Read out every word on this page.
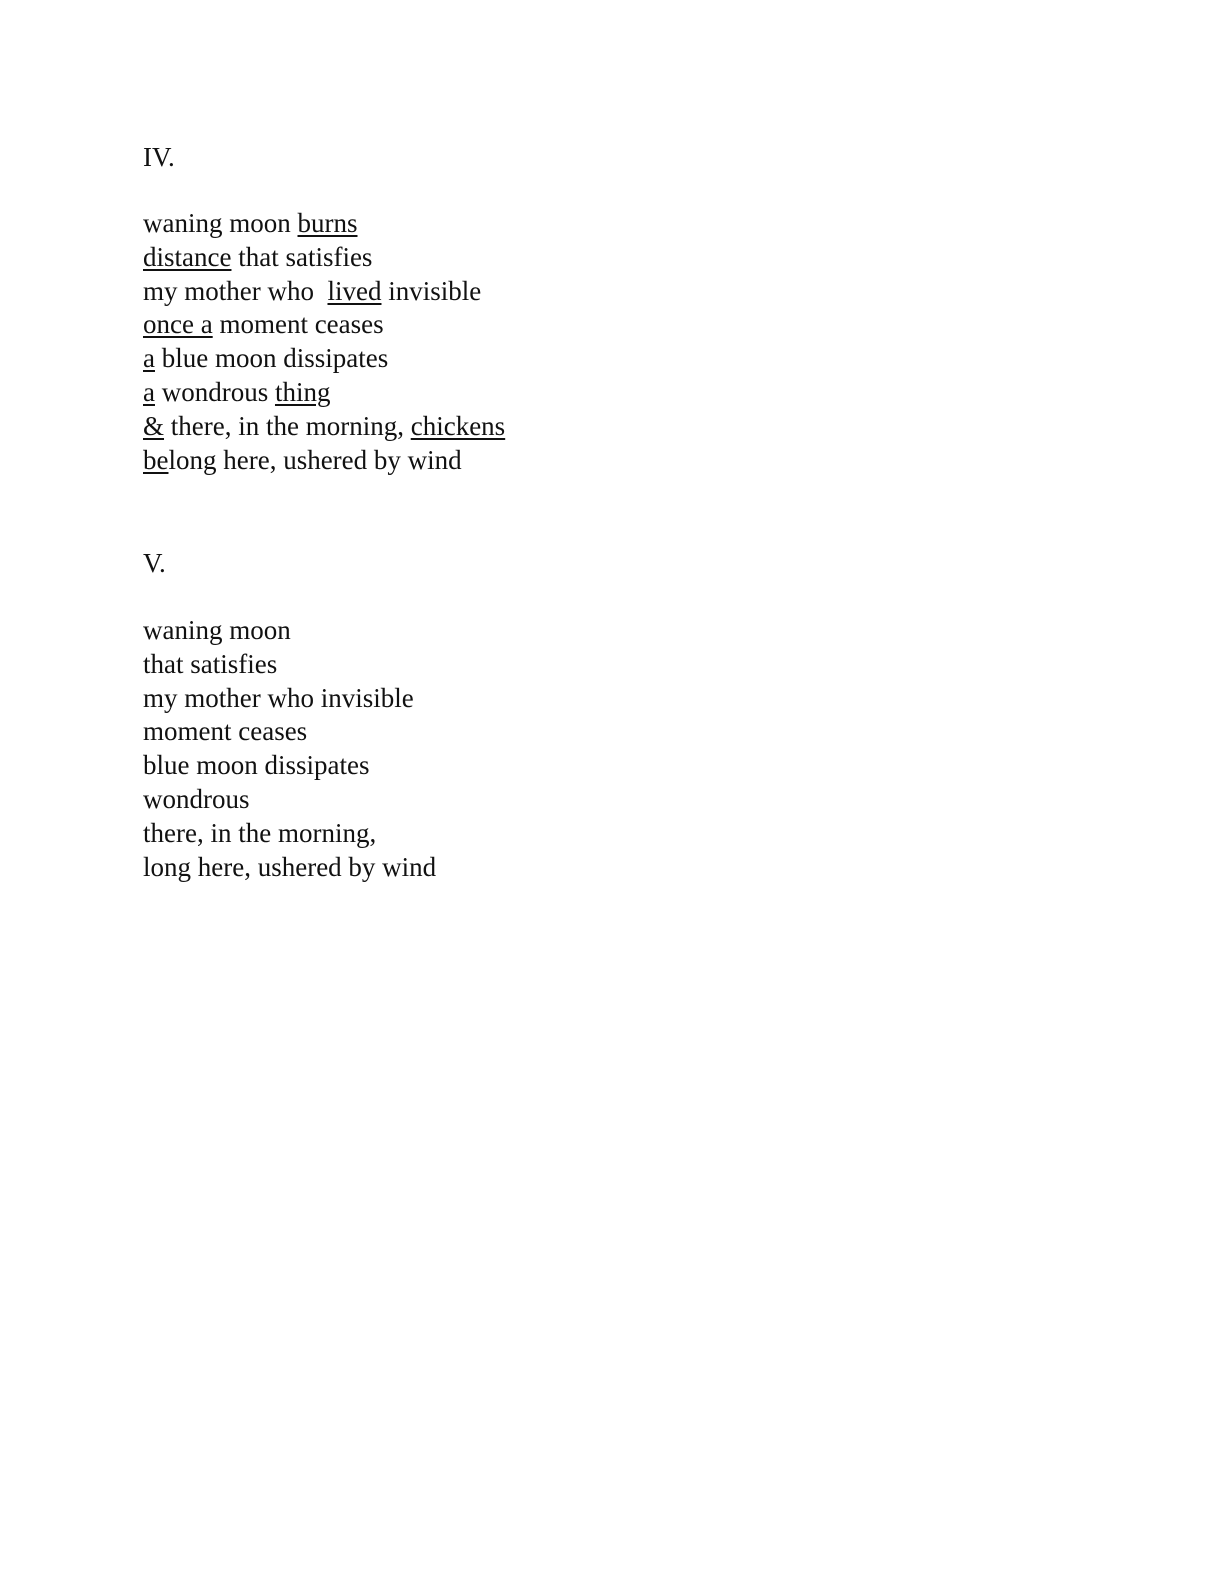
IV.
waning moon burns
distance that satisfies
my mother who  lived invisible
once a moment ceases
a blue moon dissipates
a wondrous thing
& there, in the morning, chickens
belong here, ushered by wind
V.
waning moon
that satisfies
my mother who invisible
moment ceases
blue moon dissipates
wondrous
there, in the morning,
long here, ushered by wind
